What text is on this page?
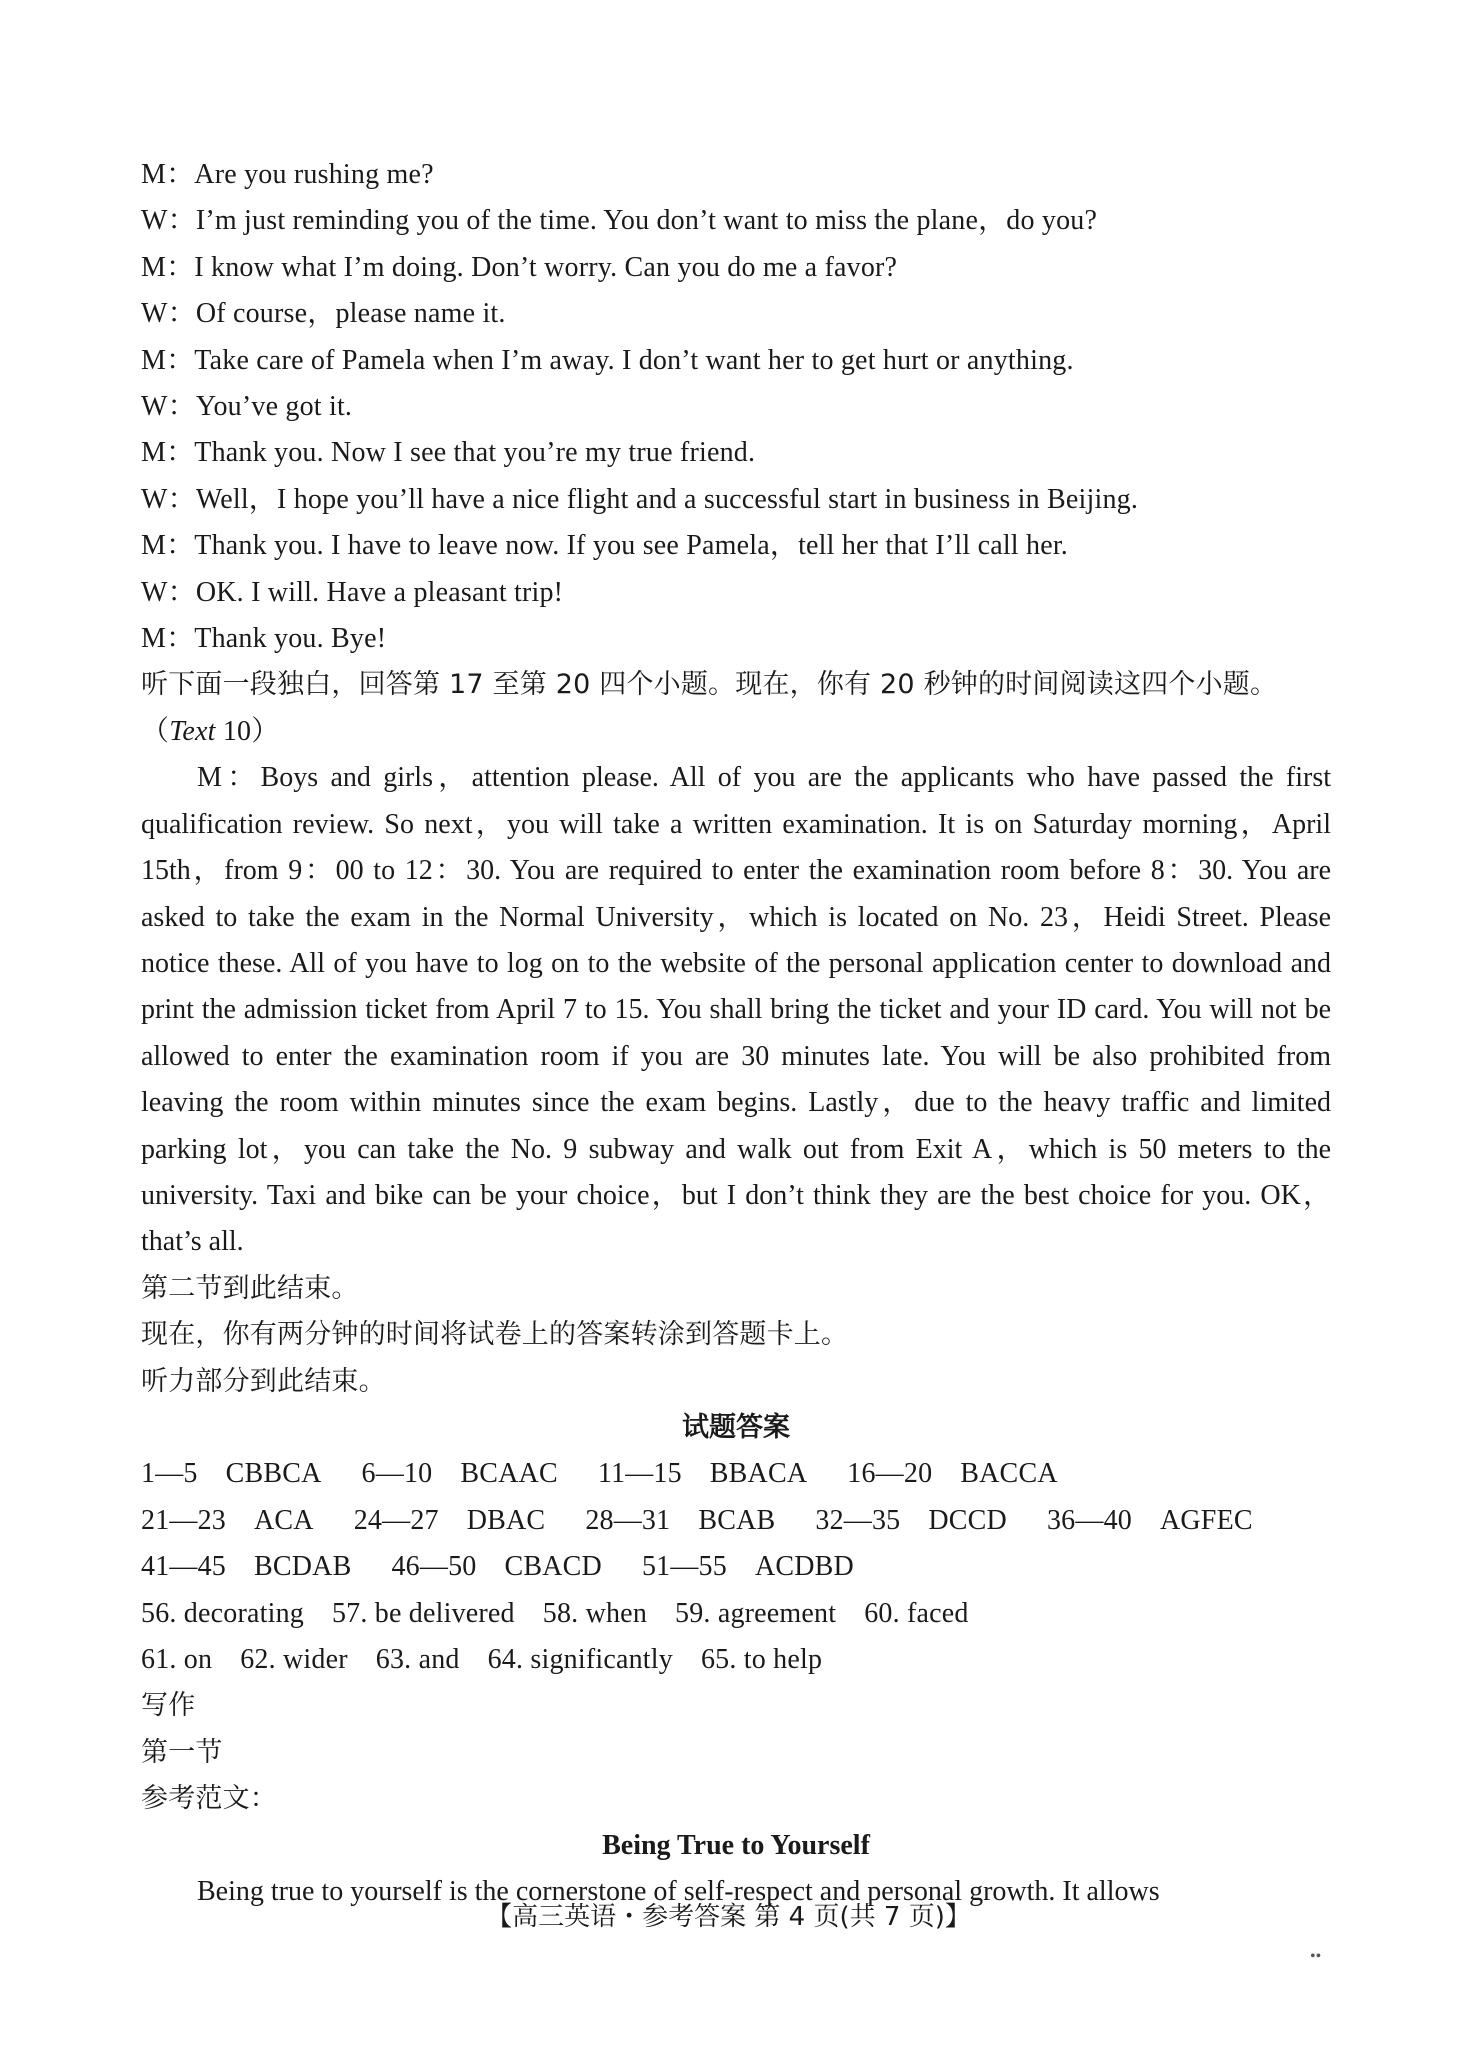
M：Are you rushing me?
W：I’m just reminding you of the time. You don’t want to miss the plane，do you?
M：I know what I’m doing. Don’t worry. Can you do me a favor?
W：Of course，please name it.
M：Take care of Pamela when I’m away. I don’t want her to get hurt or anything.
W：You’ve got it.
M：Thank you. Now I see that you’re my true friend.
W：Well，I hope you’ll have a nice flight and a successful start in business in Beijing.
M：Thank you. I have to leave now. If you see Pamela，tell her that I’ll call her.
W：OK. I will. Have a pleasant trip!
M：Thank you. Bye!
听下面一段独白，回答第 17 至第 20 四个小题。现在，你有 20 秒钟的时间阅读这四个小题。
（Text 10）
M：Boys and girls，attention please. All of you are the applicants who have passed the first qualification review. So next，you will take a written examination. It is on Saturday morning，April 15th，from 9：00 to 12：30. You are required to enter the examination room before 8：30. You are asked to take the exam in the Normal University，which is located on No. 23，Heidi Street. Please notice these. All of you have to log on to the website of the personal application center to download and print the admission ticket from April 7 to 15. You shall bring the ticket and your ID card. You will not be allowed to enter the examination room if you are 30 minutes late. You will be also prohibited from leaving the room within minutes since the exam begins. Lastly，due to the heavy traffic and limited parking lot，you can take the No. 9 subway and walk out from Exit A，which is 50 meters to the university. Taxi and bike can be your choice，but I don’t think they are the best choice for you. OK，that’s all.
第二节到此结束。
现在，你有两分钟的时间将试卷上的答案转涂到答题卡上。
听力部分到此结束。
试题答案
1—5 CBBCA 6—10 BCAAC 11—15 BBACA 16—20 BACCA
21—23 ACA 24—27 DBAC 28—31 BCAB 32—35 DCCD 36—40 AGFEC
41—45 BCDAB 46—50 CBACD 51—55 ACDBD
56. decorating 57. be delivered 58. when 59. agreement 60. faced
61. on 62. wider 63. and 64. significantly 65. to help
写作
第一节
参考范文：
Being True to Yourself
Being true to yourself is the cornerstone of self-respect and personal growth. It allows
【高三英语・参考答案 第 4 页(共 7 页)】
••
